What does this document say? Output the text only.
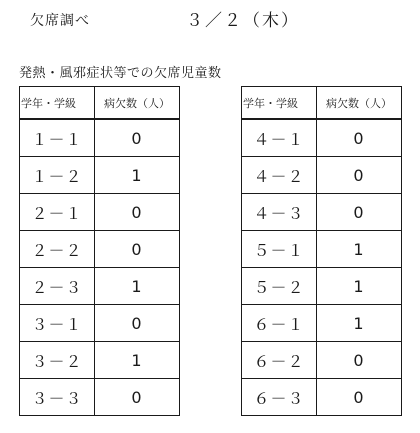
欠席調べ	３／２（木）
発熱・風邪症状等での欠席児童数
学年・学級	病欠数（人）
１－１	0
１－２	1
２－１	0
２－２	0
２－３	1
３－１	0
３－２	1
３－３	0
学年・学級	病欠数（人）
４－１	0
４－２	0
４－３	0
５－１	1
５－２	1
６－１	1
６－２	0
６－３	0
